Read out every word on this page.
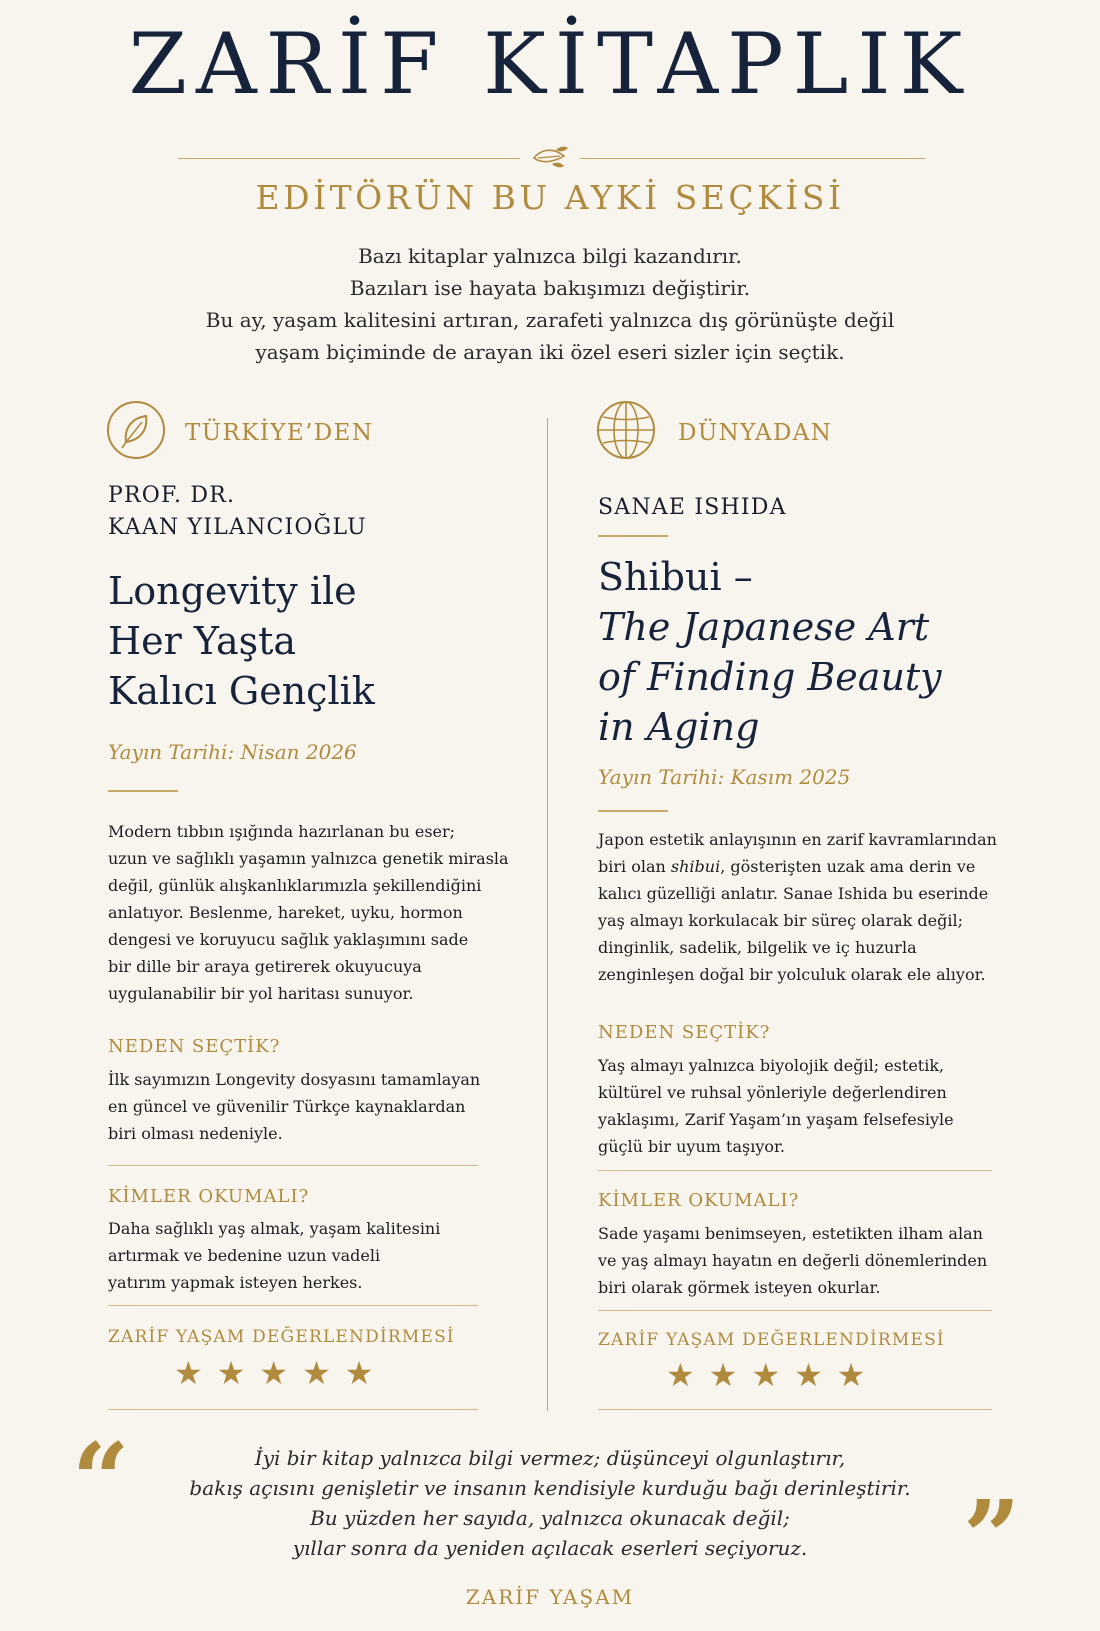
ZARİF KİTAPLIK
EDİTÖRÜN BU AYKİ SEÇKİSİ
Bazı kitaplar yalnızca bilgi kazandırır.
Bazıları ise hayata bakışımızı değiştirir.
Bu ay, yaşam kalitesini artıran, zarafeti yalnızca dış görünüşte değil
yaşam biçiminde de arayan iki özel eseri sizler için seçtik.
TÜRKİYE’DEN
PROF. DR.
KAAN YILANCIOĞLU
Longevity ile
Her Yaşta
Kalıcı Gençlik
Yayın Tarihi: Nisan 2026
Modern tıbbın ışığında hazırlanan bu eser;
uzun ve sağlıklı yaşamın yalnızca genetik mirasla
değil, günlük alışkanlıklarımızla şekillendiğini
anlatıyor. Beslenme, hareket, uyku, hormon
dengesi ve koruyucu sağlık yaklaşımını sade
bir dille bir araya getirerek okuyucuya
uygulanabilir bir yol haritası sunuyor.
NEDEN SEÇTİK?
İlk sayımızın Longevity dosyasını tamamlayan
en güncel ve güvenilir Türkçe kaynaklardan
biri olması nedeniyle.
KİMLER OKUMALI?
Daha sağlıklı yaş almak, yaşam kalitesini
artırmak ve bedenine uzun vadeli
yatırım yapmak isteyen herkes.
ZARİF YAŞAM DEĞERLENDİRMESİ
★★★★★
DÜNYADAN
SANAE ISHIDA
Shibui –
The Japanese Art
of Finding Beauty
in Aging
Yayın Tarihi: Kasım 2025
Japon estetik anlayışının en zarif kavramlarından
biri olan shibui, gösterişten uzak ama derin ve
kalıcı güzelliği anlatır. Sanae Ishida bu eserinde
yaş almayı korkulacak bir süreç olarak değil;
dinginlik, sadelik, bilgelik ve iç huzurla
zenginleşen doğal bir yolculuk olarak ele alıyor.
NEDEN SEÇTİK?
Yaş almayı yalnızca biyolojik değil; estetik,
kültürel ve ruhsal yönleriyle değerlendiren
yaklaşımı, Zarif Yaşam’ın yaşam felsefesiyle
güçlü bir uyum taşıyor.
KİMLER OKUMALI?
Sade yaşamı benimseyen, estetikten ilham alan
ve yaş almayı hayatın en değerli dönemlerinden
biri olarak görmek isteyen okurlar.
ZARİF YAŞAM DEĞERLENDİRMESİ
★★★★★
“	İyi bir kitap yalnızca bilgi vermez; düşünceyi olgunlaştırır,
bakış açısını genişletir ve insanın kendisiyle kurduğu bağı derinleştirir.
Bu yüzden her sayıda, yalnızca okunacak değil;
yıllar sonra da yeniden açılacak eserleri seçiyoruz.	”
ZARİF YAŞAM
